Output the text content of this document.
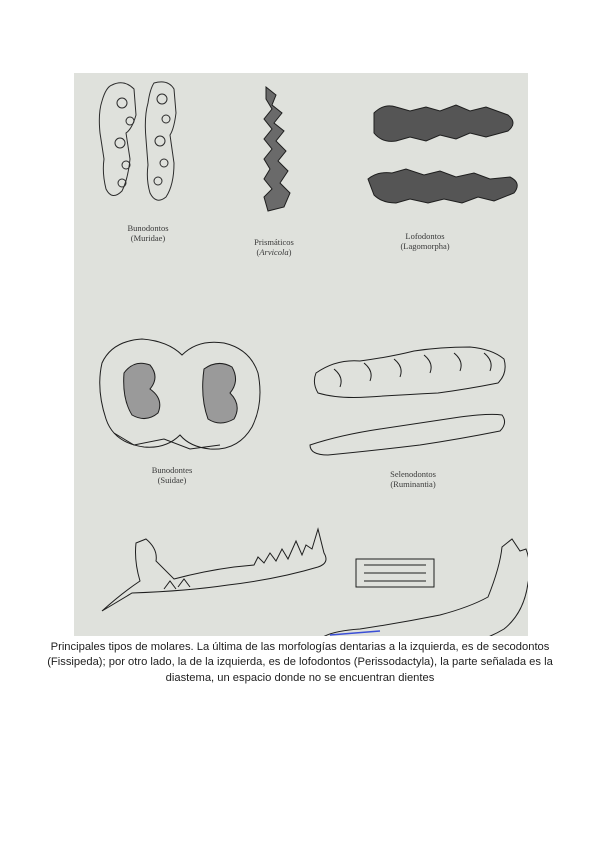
Bunodontos
(Muridae)	Prismáticos
(Arvicola)
Lofodontos
(Lagomorpha)
Bunodontes
(Suidae)
Selenodontos
(Ruminantia)
Principales tipos de molares. La última de las morfologías dentarias a la izquierda, es de secodontos (Fissipeda); por otro lado, la de la izquierda, es de lofodontos (Perissodactyla), la parte señalada es la diastema, un espacio donde no se encuentran dientes
